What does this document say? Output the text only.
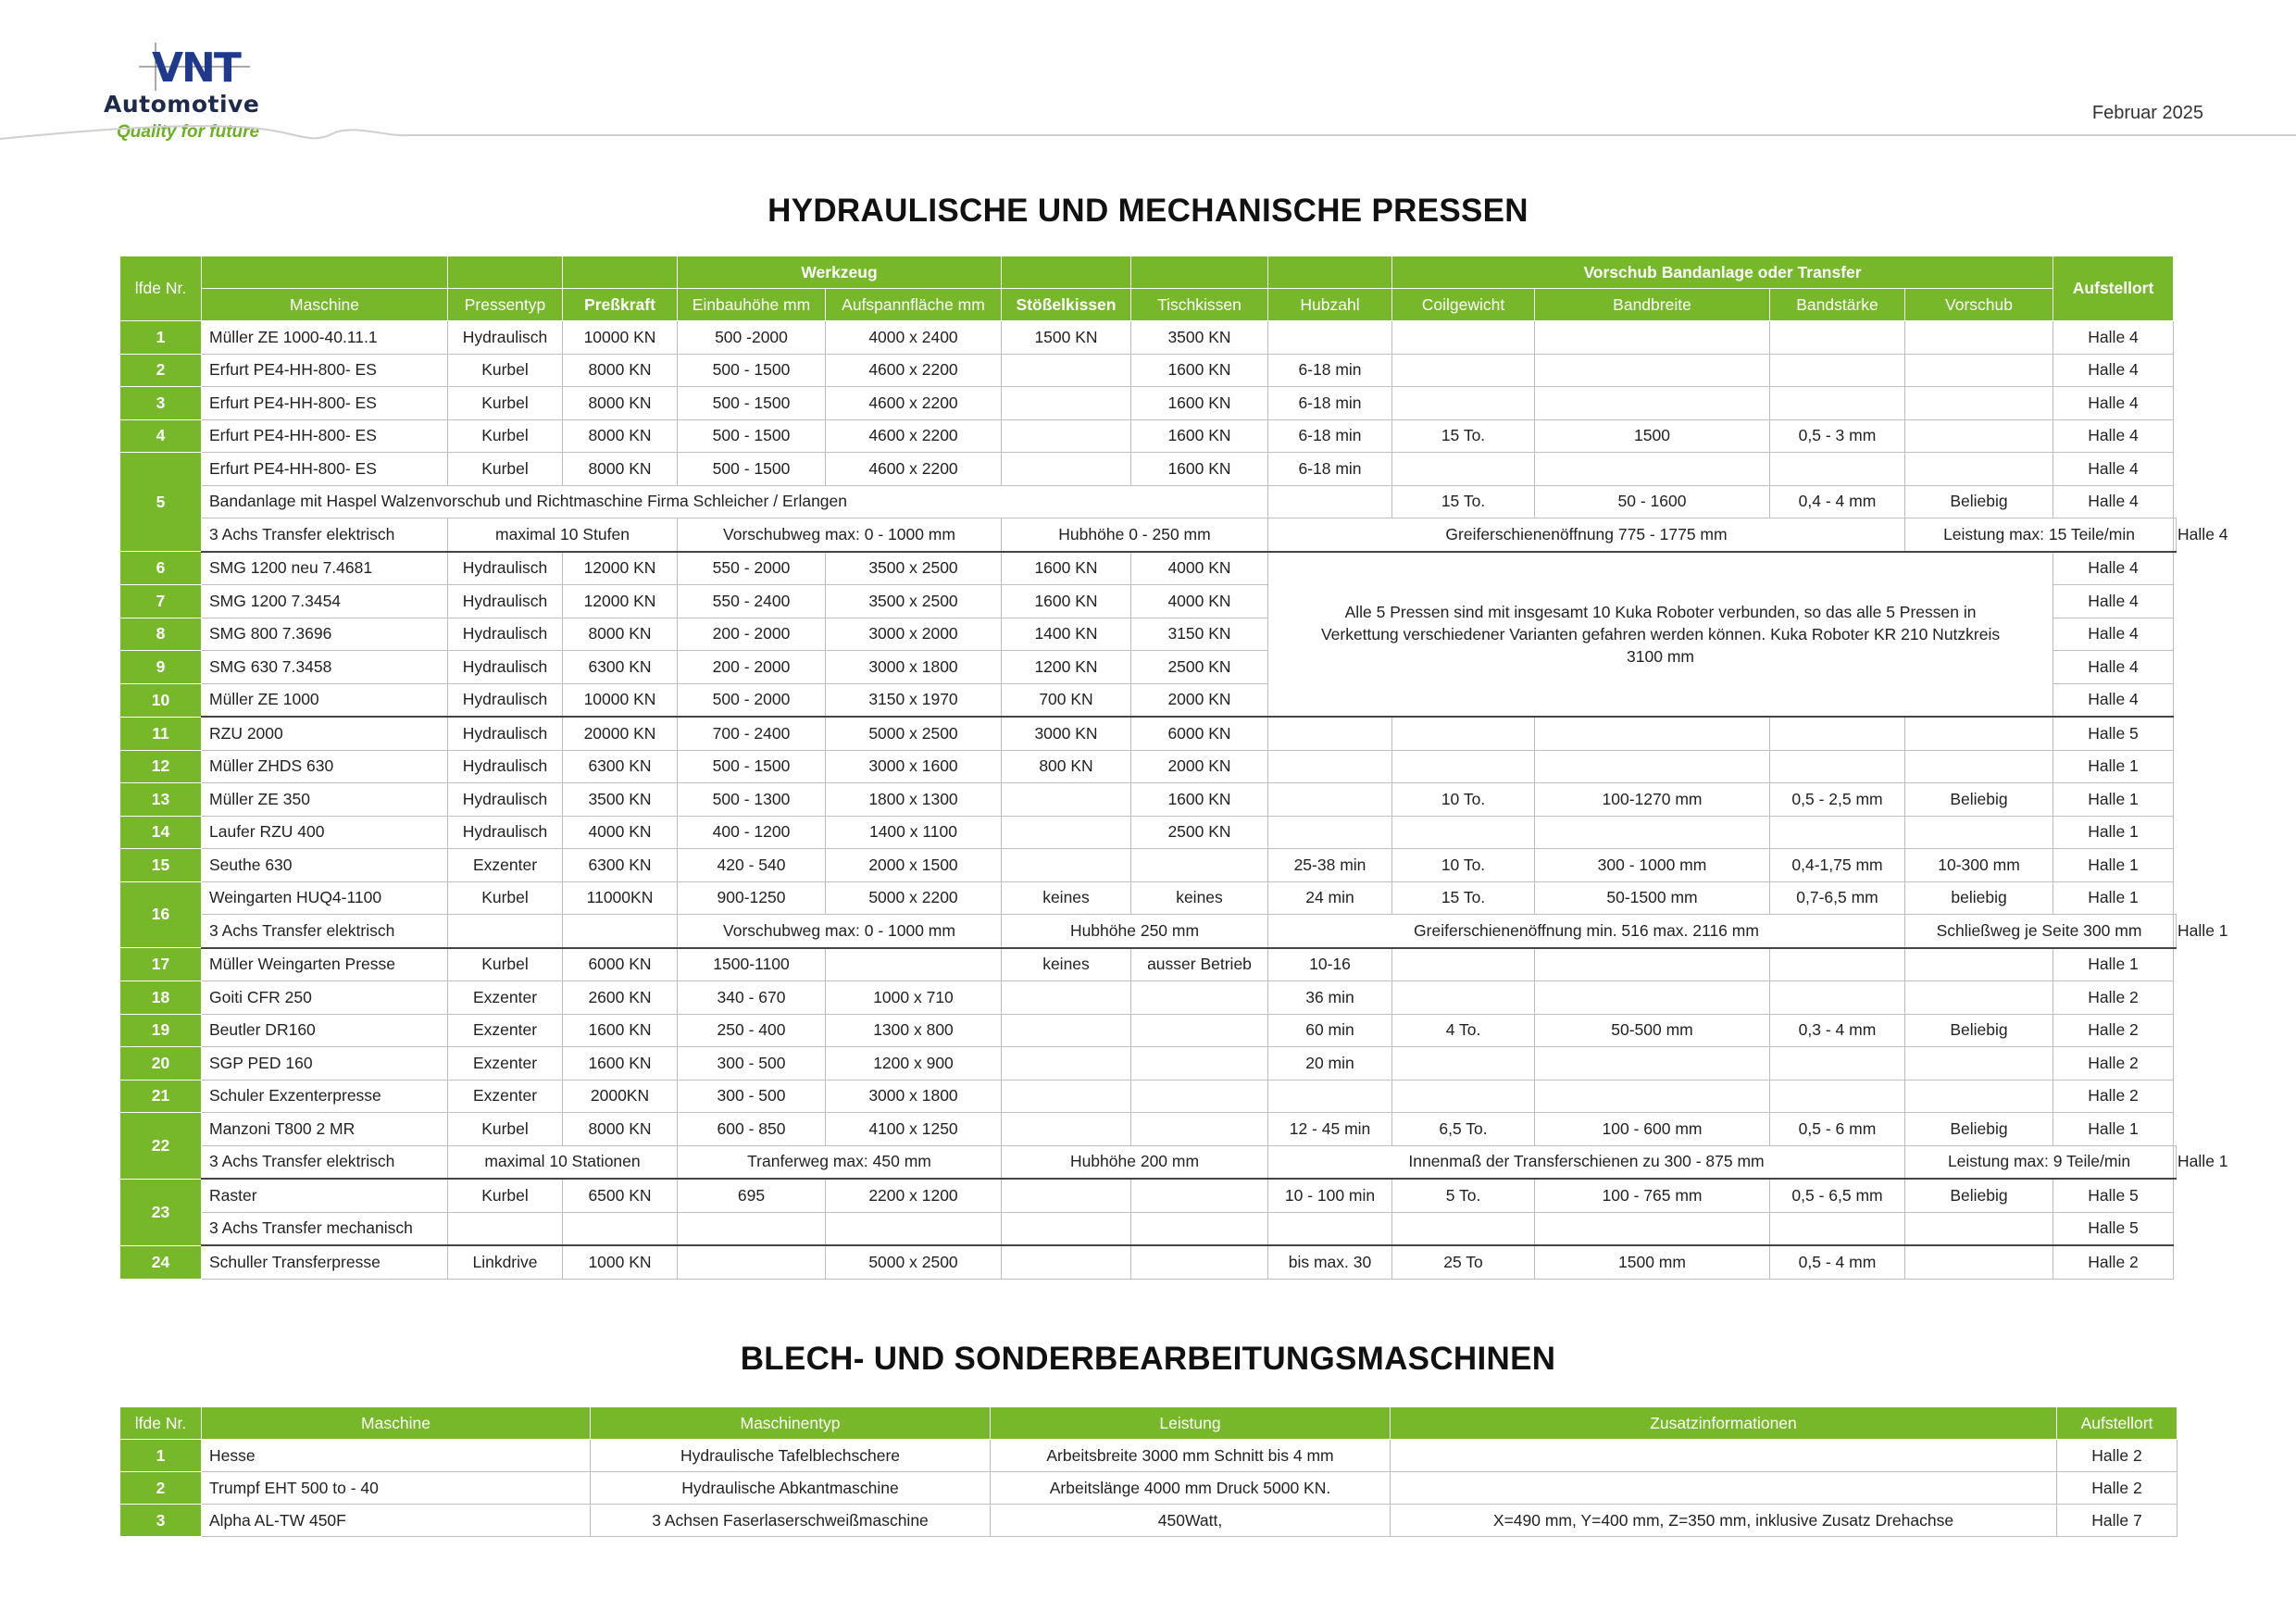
VNT
Automotive
Quality for future
Februar 2025
HYDRAULISCHE UND MECHANISCHE PRESSEN
lfde Nr.				Werkzeug					Vorschub Bandanlage oder Transfer				Aufstellort	
	Maschine	Pressentyp	Preßkraft	Einbauhöhe mm	Aufspannfläche mm	Stößelkissen	Tischkissen	Hubzahl	Coilgewicht	Bandbreite	Bandstärke	Vorschub		
1	Müller ZE 1000-40.11.1	Hydraulisch	10000 KN	500 -2000	4000 x 2400	1500 KN	3500 KN						Halle 4	
2	Erfurt PE4-HH-800- ES	Kurbel	8000 KN	500 - 1500	4600 x 2200		1600 KN	6-18 min					Halle 4	
3	Erfurt PE4-HH-800- ES	Kurbel	8000 KN	500 - 1500	4600 x 2200		1600 KN	6-18 min					Halle 4	
4	Erfurt PE4-HH-800- ES	Kurbel	8000 KN	500 - 1500	4600 x 2200		1600 KN	6-18 min	15 To.	1500	0,5 - 3 mm		Halle 4	
5	Erfurt PE4-HH-800- ES	Kurbel	8000 KN	500 - 1500	4600 x 2200		1600 KN	6-18 min					Halle 4	
	Bandanlage mit Haspel Walzenvorschub und Richtmaschine Firma Schleicher / Erlangen								15 To.	50 - 1600	0,4 - 4 mm	Beliebig	Halle 4	
	3 Achs Transfer elektrisch	maximal 10 Stufen		Vorschubweg max: 0 - 1000 mm		Hubhöhe 0 - 250 mm		Greiferschienenöffnung 775 - 1775 mm				Leistung max: 15 Teile/min		Halle 4
6	SMG 1200 neu 7.4681	Hydraulisch	12000 KN	550 - 2000	3500 x 2500	1600 KN	4000 KN	Alle 5 Pressen sind mit insgesamt 10 Kuka Roboter verbunden, so das alle 5 Pressen in Verkettung verschiedener Varianten gefahren werden können. Kuka Roboter KR 210 Nutzkreis 3100 mm					Halle 4	
7	SMG 1200 7.3454	Hydraulisch	12000 KN	550 - 2400	3500 x 2500	1600 KN	4000 KN						Halle 4	
8	SMG 800 7.3696	Hydraulisch	8000 KN	200 - 2000	3000 x 2000	1400 KN	3150 KN						Halle 4	
9	SMG 630 7.3458	Hydraulisch	6300 KN	200 - 2000	3000 x 1800	1200 KN	2500 KN						Halle 4	
10	Müller ZE 1000	Hydraulisch	10000 KN	500 - 2000	3150 x 1970	700 KN	2000 KN						Halle 4	
11	RZU 2000	Hydraulisch	20000 KN	700 - 2400	5000 x 2500	3000 KN	6000 KN						Halle 5	
12	Müller ZHDS 630	Hydraulisch	6300 KN	500 - 1500	3000 x 1600	800 KN	2000 KN						Halle 1	
13	Müller ZE 350	Hydraulisch	3500 KN	500 - 1300	1800 x 1300		1600 KN		10 To.	100-1270 mm	0,5 - 2,5 mm	Beliebig	Halle 1	
14	Laufer RZU 400	Hydraulisch	4000 KN	400 - 1200	1400 x 1100		2500 KN						Halle 1	
15	Seuthe 630	Exzenter	6300 KN	420 - 540	2000 x 1500			25-38 min	10 To.	300 - 1000 mm	0,4-1,75 mm	10-300 mm	Halle 1	
16	Weingarten HUQ4-1100	Kurbel	11000KN	900-1250	5000 x 2200	keines	keines	24 min	15 To.	50-1500 mm	0,7-6,5 mm	beliebig	Halle 1	
	3 Achs Transfer elektrisch			Vorschubweg max: 0 - 1000 mm		Hubhöhe 250 mm		Greiferschienenöffnung min. 516 max. 2116 mm				Schließweg je Seite 300 mm		Halle 1
17	Müller Weingarten Presse	Kurbel	6000 KN	1500-1100		keines	ausser Betrieb	10-16					Halle 1	
18	Goiti CFR 250	Exzenter	2600 KN	340 - 670	1000 x 710			36 min					Halle 2	
19	Beutler DR160	Exzenter	1600 KN	250 - 400	1300 x 800			60 min	4 To.	50-500 mm	0,3 - 4 mm	Beliebig	Halle 2	
20	SGP PED 160	Exzenter	1600 KN	300 - 500	1200 x 900			20 min					Halle 2	
21	Schuler Exzenterpresse	Exzenter	2000KN	300 - 500	3000 x 1800								Halle 2	
22	Manzoni T800 2 MR	Kurbel	8000 KN	600 - 850	4100 x 1250			12 - 45 min	6,5 To.	100 - 600 mm	0,5 - 6 mm	Beliebig	Halle 1	
	3 Achs Transfer elektrisch	maximal 10 Stationen		Tranferweg max: 450 mm		Hubhöhe 200 mm		Innenmaß der Transferschienen zu 300 - 875 mm				Leistung max: 9 Teile/min		Halle 1
23	Raster	Kurbel	6500 KN	695	2200 x 1200			10 - 100 min	5 To.	100 - 765 mm	0,5 - 6,5 mm	Beliebig	Halle 5	
	3 Achs Transfer mechanisch												Halle 5	
24	Schuller Transferpresse	Linkdrive	1000 KN		5000 x 2500			bis max. 30	25 To	1500 mm	0,5 - 4 mm		Halle 2	
BLECH- UND SONDERBEARBEITUNGSMASCHINEN
lfde Nr.	Maschine	Maschinentyp	Leistung	Zusatzinformationen	Aufstellort
1	Hesse	Hydraulische Tafelblechschere	Arbeitsbreite 3000 mm Schnitt bis 4 mm		Halle 2
2	Trumpf EHT 500 to - 40	Hydraulische Abkantmaschine	Arbeitslänge 4000 mm Druck 5000 KN.		Halle 2
3	Alpha AL-TW 450F	3 Achsen Faserlaserschweißmaschine	450Watt,	X=490 mm, Y=400 mm, Z=350 mm, inklusive Zusatz Drehachse	Halle 7
